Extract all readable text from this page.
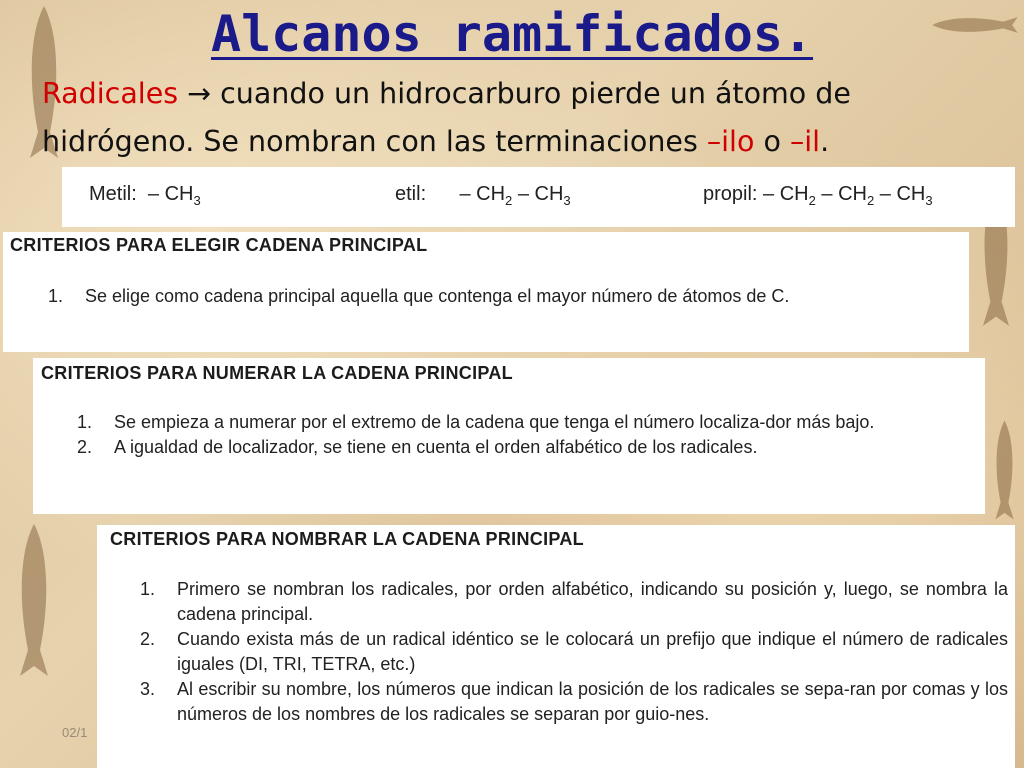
Alcanos ramificados.

Radicales → cuando un hidrocarburo pierde un átomo de
hidrógeno. Se nombran con las terminaciones –ilo o –il.

Metil: – $CH_3$	etil: – $CH_2 - CH_3$	propil: – $CH_2 - CH_2 - CH_3$

CRITERIOS PARA ELEGIR CADENA PRINCIPAL

1. Se elige como cadena principal aquella que contenga el mayor número de átomos de C.

CRITERIOS PARA NUMERAR LA CADENA PRINCIPAL

1. Se empieza a numerar por el extremo de la cadena que tenga el número localiza-dor más bajo.
2. A igualdad de localizador, se tiene en cuenta el orden alfabético de los radicales.

CRITERIOS PARA NOMBRAR LA CADENA PRINCIPAL

1. Primero se nombran los radicales, por orden alfabético, indicando su posición y, luego, se nombra la cadena principal.
2. Cuando exista más de un radical idéntico se le colocará un prefijo que indique el número de radicales iguales (DI, TRI, TETRA, etc.)
3. Al escribir su nombre, los números que indican la posición de los radicales se sepa-ran por comas y los números de los nombres de los radicales se separan por guio-nes.
02/1
